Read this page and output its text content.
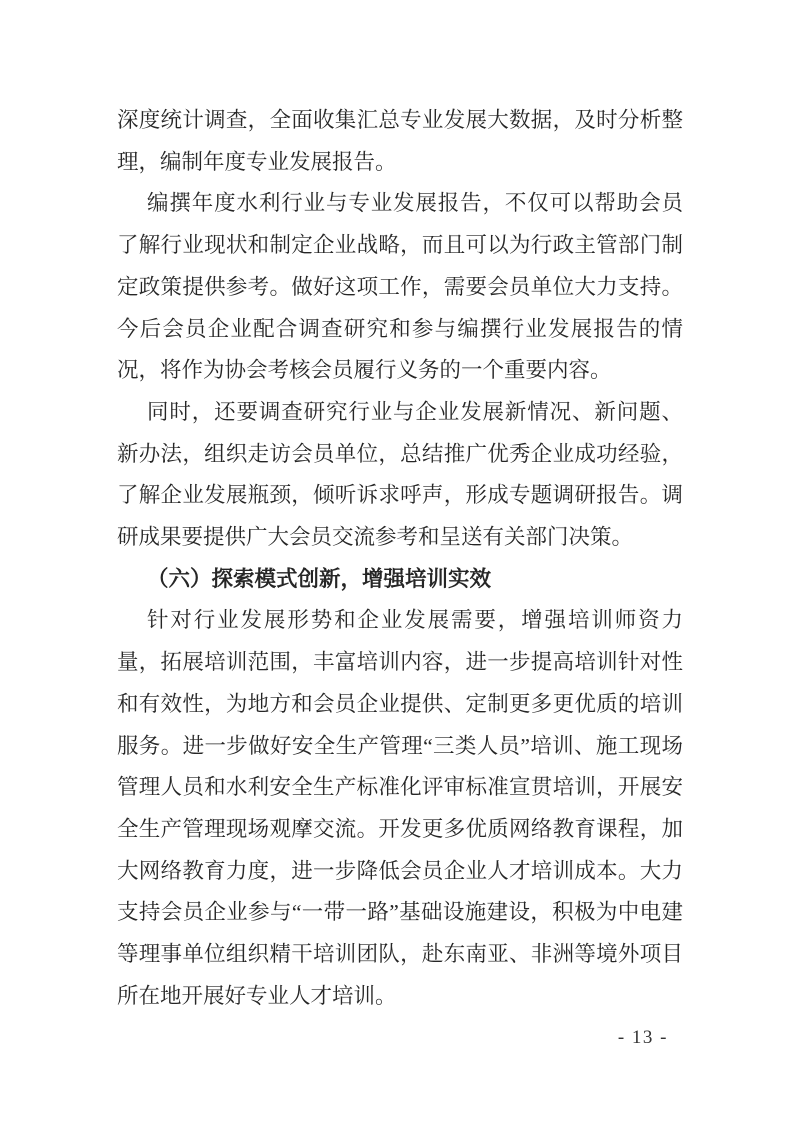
深度统计调查，全面收集汇总专业发展大数据，及时分析整理，编制年度专业发展报告。

编撰年度水利行业与专业发展报告，不仅可以帮助会员了解行业现状和制定企业战略，而且可以为行政主管部门制定政策提供参考。做好这项工作，需要会员单位大力支持。今后会员企业配合调查研究和参与编撰行业发展报告的情况，将作为协会考核会员履行义务的一个重要内容。

同时，还要调查研究行业与企业发展新情况、新问题、新办法，组织走访会员单位，总结推广优秀企业成功经验，了解企业发展瓶颈，倾听诉求呼声，形成专题调研报告。调研成果要提供广大会员交流参考和呈送有关部门决策。

（六）探索模式创新，增强培训实效

针对行业发展形势和企业发展需要，增强培训师资力量，拓展培训范围，丰富培训内容，进一步提高培训针对性和有效性，为地方和会员企业提供、定制更多更优质的培训服务。进一步做好安全生产管理“三类人员”培训、施工现场管理人员和水利安全生产标准化评审标准宣贯培训，开展安全生产管理现场观摩交流。开发更多优质网络教育课程，加大网络教育力度，进一步降低会员企业人才培训成本。大力支持会员企业参与“一带一路”基础设施建设，积极为中电建等理事单位组织精干培训团队，赴东南亚、非洲等境外项目所在地开展好专业人才培训。

- 13 -
